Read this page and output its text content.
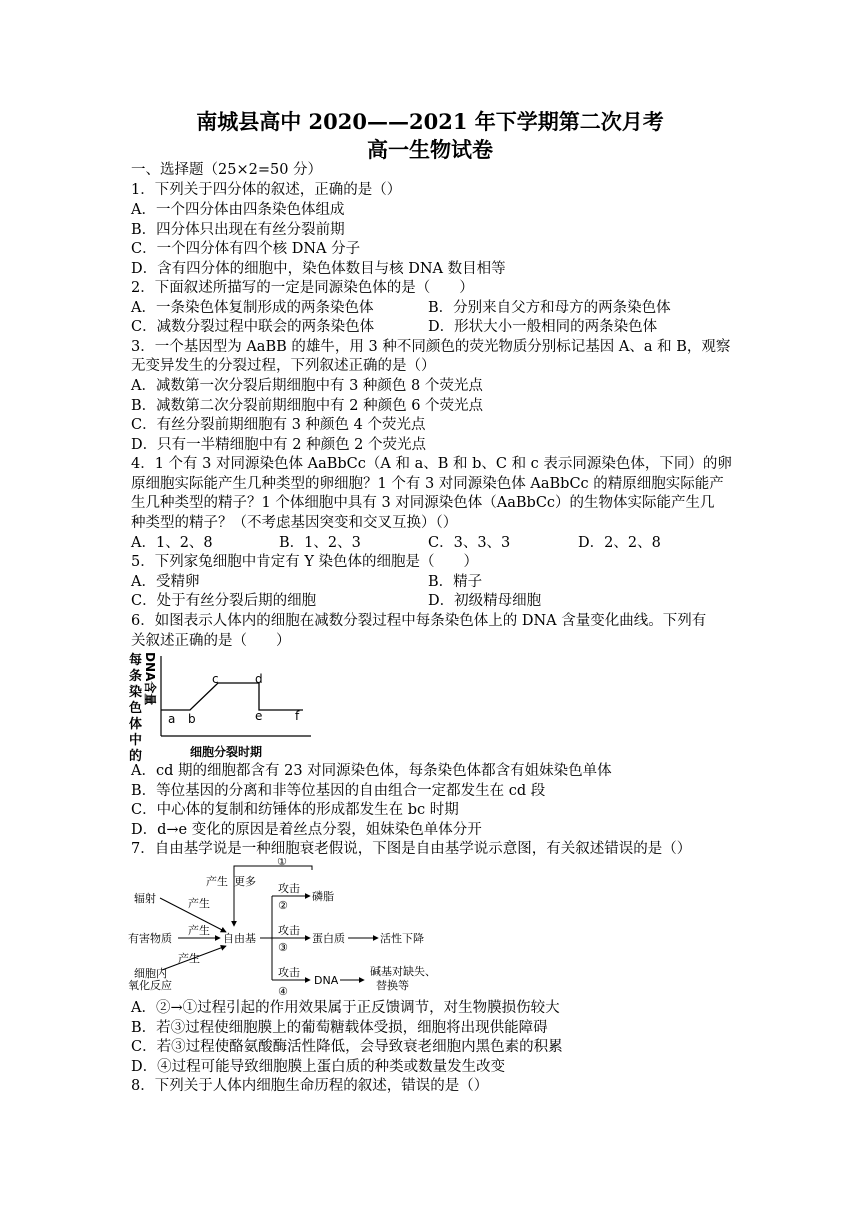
南城县高中 2020——2021 年下学期第二次月考
高一生物试卷
一、选择题（25×2=50 分）
1．下列关于四分体的叙述，正确的是（）
A．一个四分体由四条染色体组成
B．四分体只出现在有丝分裂前期
C．一个四分体有四个核 DNA 分子
D．含有四分体的细胞中，染色体数目与核 DNA 数目相等
2．下面叙述所描写的一定是同源染色体的是（　　）
A．一条染色体复制形成的两条染色体	B．分别来自父方和母方的两条染色体
C．减数分裂过程中联会的两条染色体	D．形状大小一般相同的两条染色体
3．一个基因型为 AaBB 的雄牛，用 3 种不同颜色的荧光物质分别标记基因 A、a 和 B，观察
无变异发生的分裂过程，下列叙述正确的是（）
A．减数第一次分裂后期细胞中有 3 种颜色 8 个荧光点
B．减数第二次分裂前期细胞中有 2 种颜色 6 个荧光点
C．有丝分裂前期细胞有 3 种颜色 4 个荧光点
D．只有一半精细胞中有 2 种颜色 2 个荧光点
4．1 个有 3 对同源染色体 AaBbCc（A 和 a、B 和 b、C 和 c 表示同源染色体，下同）的卵
原细胞实际能产生几种类型的卵细胞？1 个有 3 对同源染色体 AaBbCc 的精原细胞实际能产
生几种类型的精子？1 个体细胞中具有 3 对同源染色体（AaBbCc）的生物体实际能产生几
种类型的精子？（不考虑基因突变和交叉互换）（）
A．1、2、8	B．1、2、3	C．3、3、3	D．2、2、8
5．下列家兔细胞中肯定有 Y 染色体的细胞是（　　）
A．受精卵	B．精子
C．处于有丝分裂后期的细胞	D．初级精母细胞
6．如图表示人体内的细胞在减数分裂过程中每条染色体上的 DNA 含量变化曲线。下列有
关叙述正确的是（　　）
每
条
染
色
体
中
的
DNA含量
a b
c	d
e	f
细胞分裂时期
A．cd 期的细胞都含有 23 对同源染色体，每条染色体都含有姐妹染色单体
B．等位基因的分离和非等位基因的自由组合一定都发生在 cd 段
C．中心体的复制和纺锤体的形成都发生在 bc 时期
D．d→e 变化的原因是着丝点分裂，姐妹染色单体分开
7．自由基学说是一种细胞衰老假说，下图是自由基学说示意图，有关叙述错误的是（）
①
产生 更多
辐射	产生
有害物质
产生
自由基
细胞内
氧化反应
产生
攻击
②
磷脂
攻击
③
蛋白质	活性下降
攻击
④
DNA
碱基对缺失、
替换等
A．②→①过程引起的作用效果属于正反馈调节，对生物膜损伤较大
B．若③过程使细胞膜上的葡萄糖载体受损，细胞将出现供能障碍
C．若③过程使酪氨酸酶活性降低，会导致衰老细胞内黑色素的积累
D．④过程可能导致细胞膜上蛋白质的种类或数量发生改变
8．下列关于人体内细胞生命历程的叙述，错误的是（）
